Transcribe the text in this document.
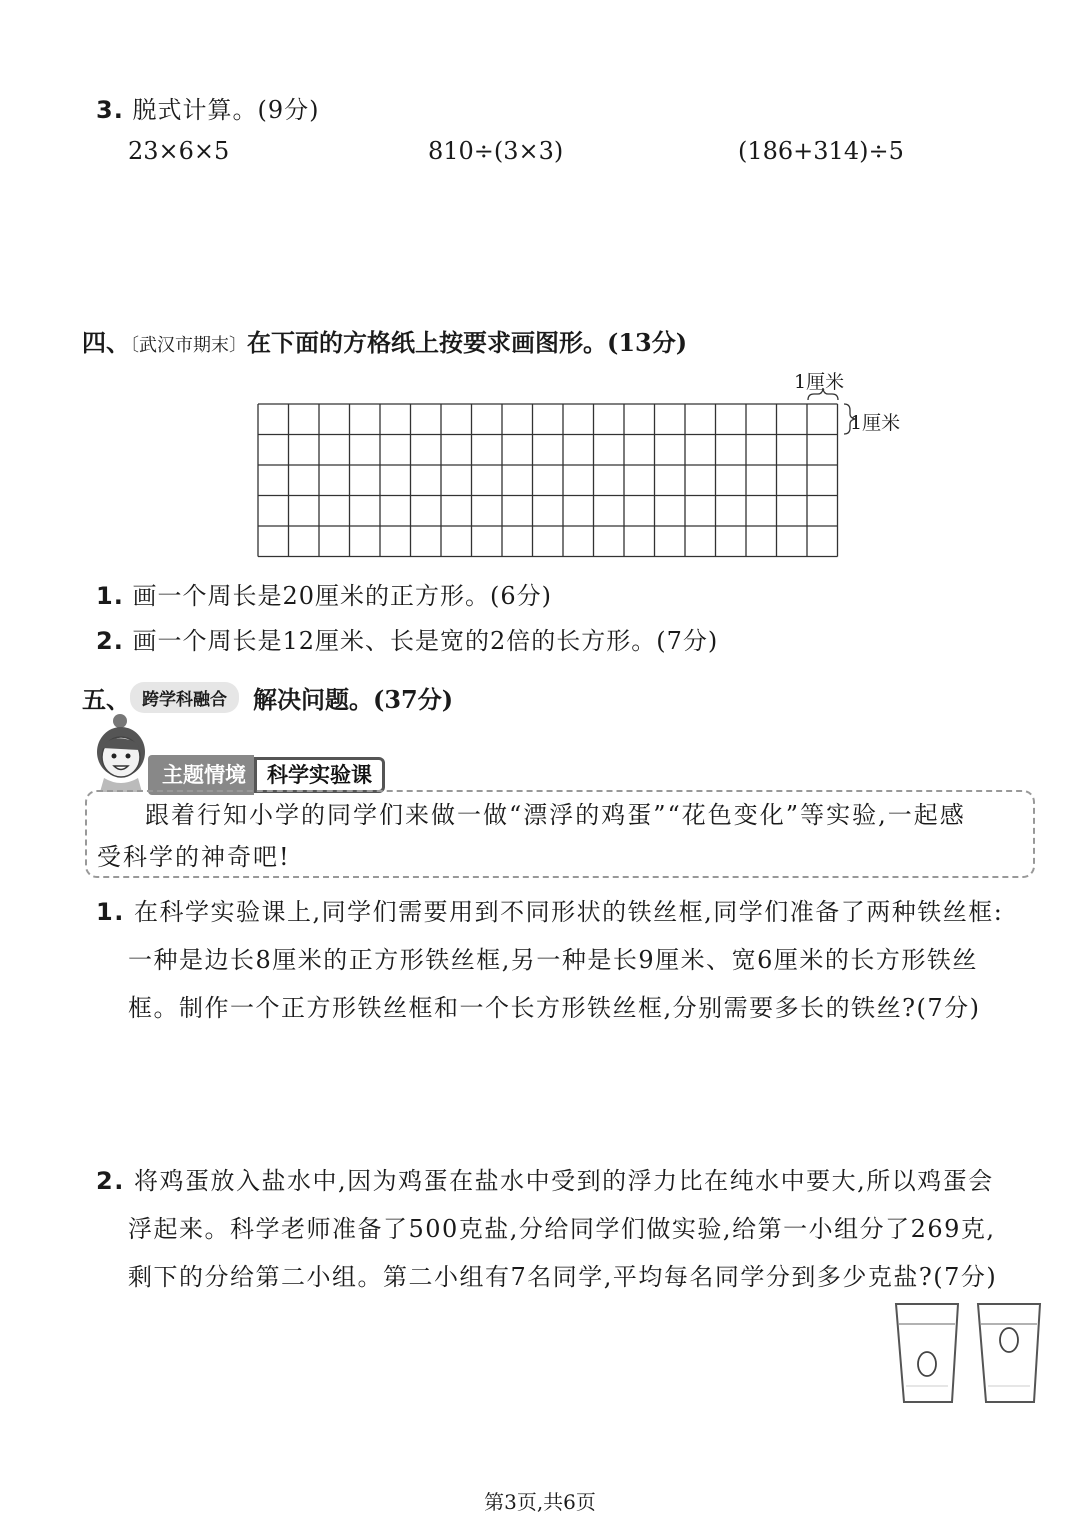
3. 脱式计算。(9分)
23×6×5	810÷(3×3)	(186+314)÷5
四、〔武汉市期末〕在下面的方格纸上按要求画图形。(13分)
1厘米
1厘米
1. 画一个周长是20厘米的正方形。(6分)
2. 画一个周长是12厘米、长是宽的2倍的长方形。(7分)
五、 跨学科融合	解决问题。(37分)
主题情境	科学实验课
跟着行知小学的同学们来做一做“漂浮的鸡蛋”“花色变化”等实验,一起感
受科学的神奇吧!
1. 在科学实验课上,同学们需要用到不同形状的铁丝框,同学们准备了两种铁丝框:
一种是边长8厘米的正方形铁丝框,另一种是长9厘米、宽6厘米的长方形铁丝
框。制作一个正方形铁丝框和一个长方形铁丝框,分别需要多长的铁丝?(7分)
2. 将鸡蛋放入盐水中,因为鸡蛋在盐水中受到的浮力比在纯水中要大,所以鸡蛋会
浮起来。科学老师准备了500克盐,分给同学们做实验,给第一小组分了269克,
剩下的分给第二小组。第二小组有7名同学,平均每名同学分到多少克盐?(7分)
第3页,共6页
